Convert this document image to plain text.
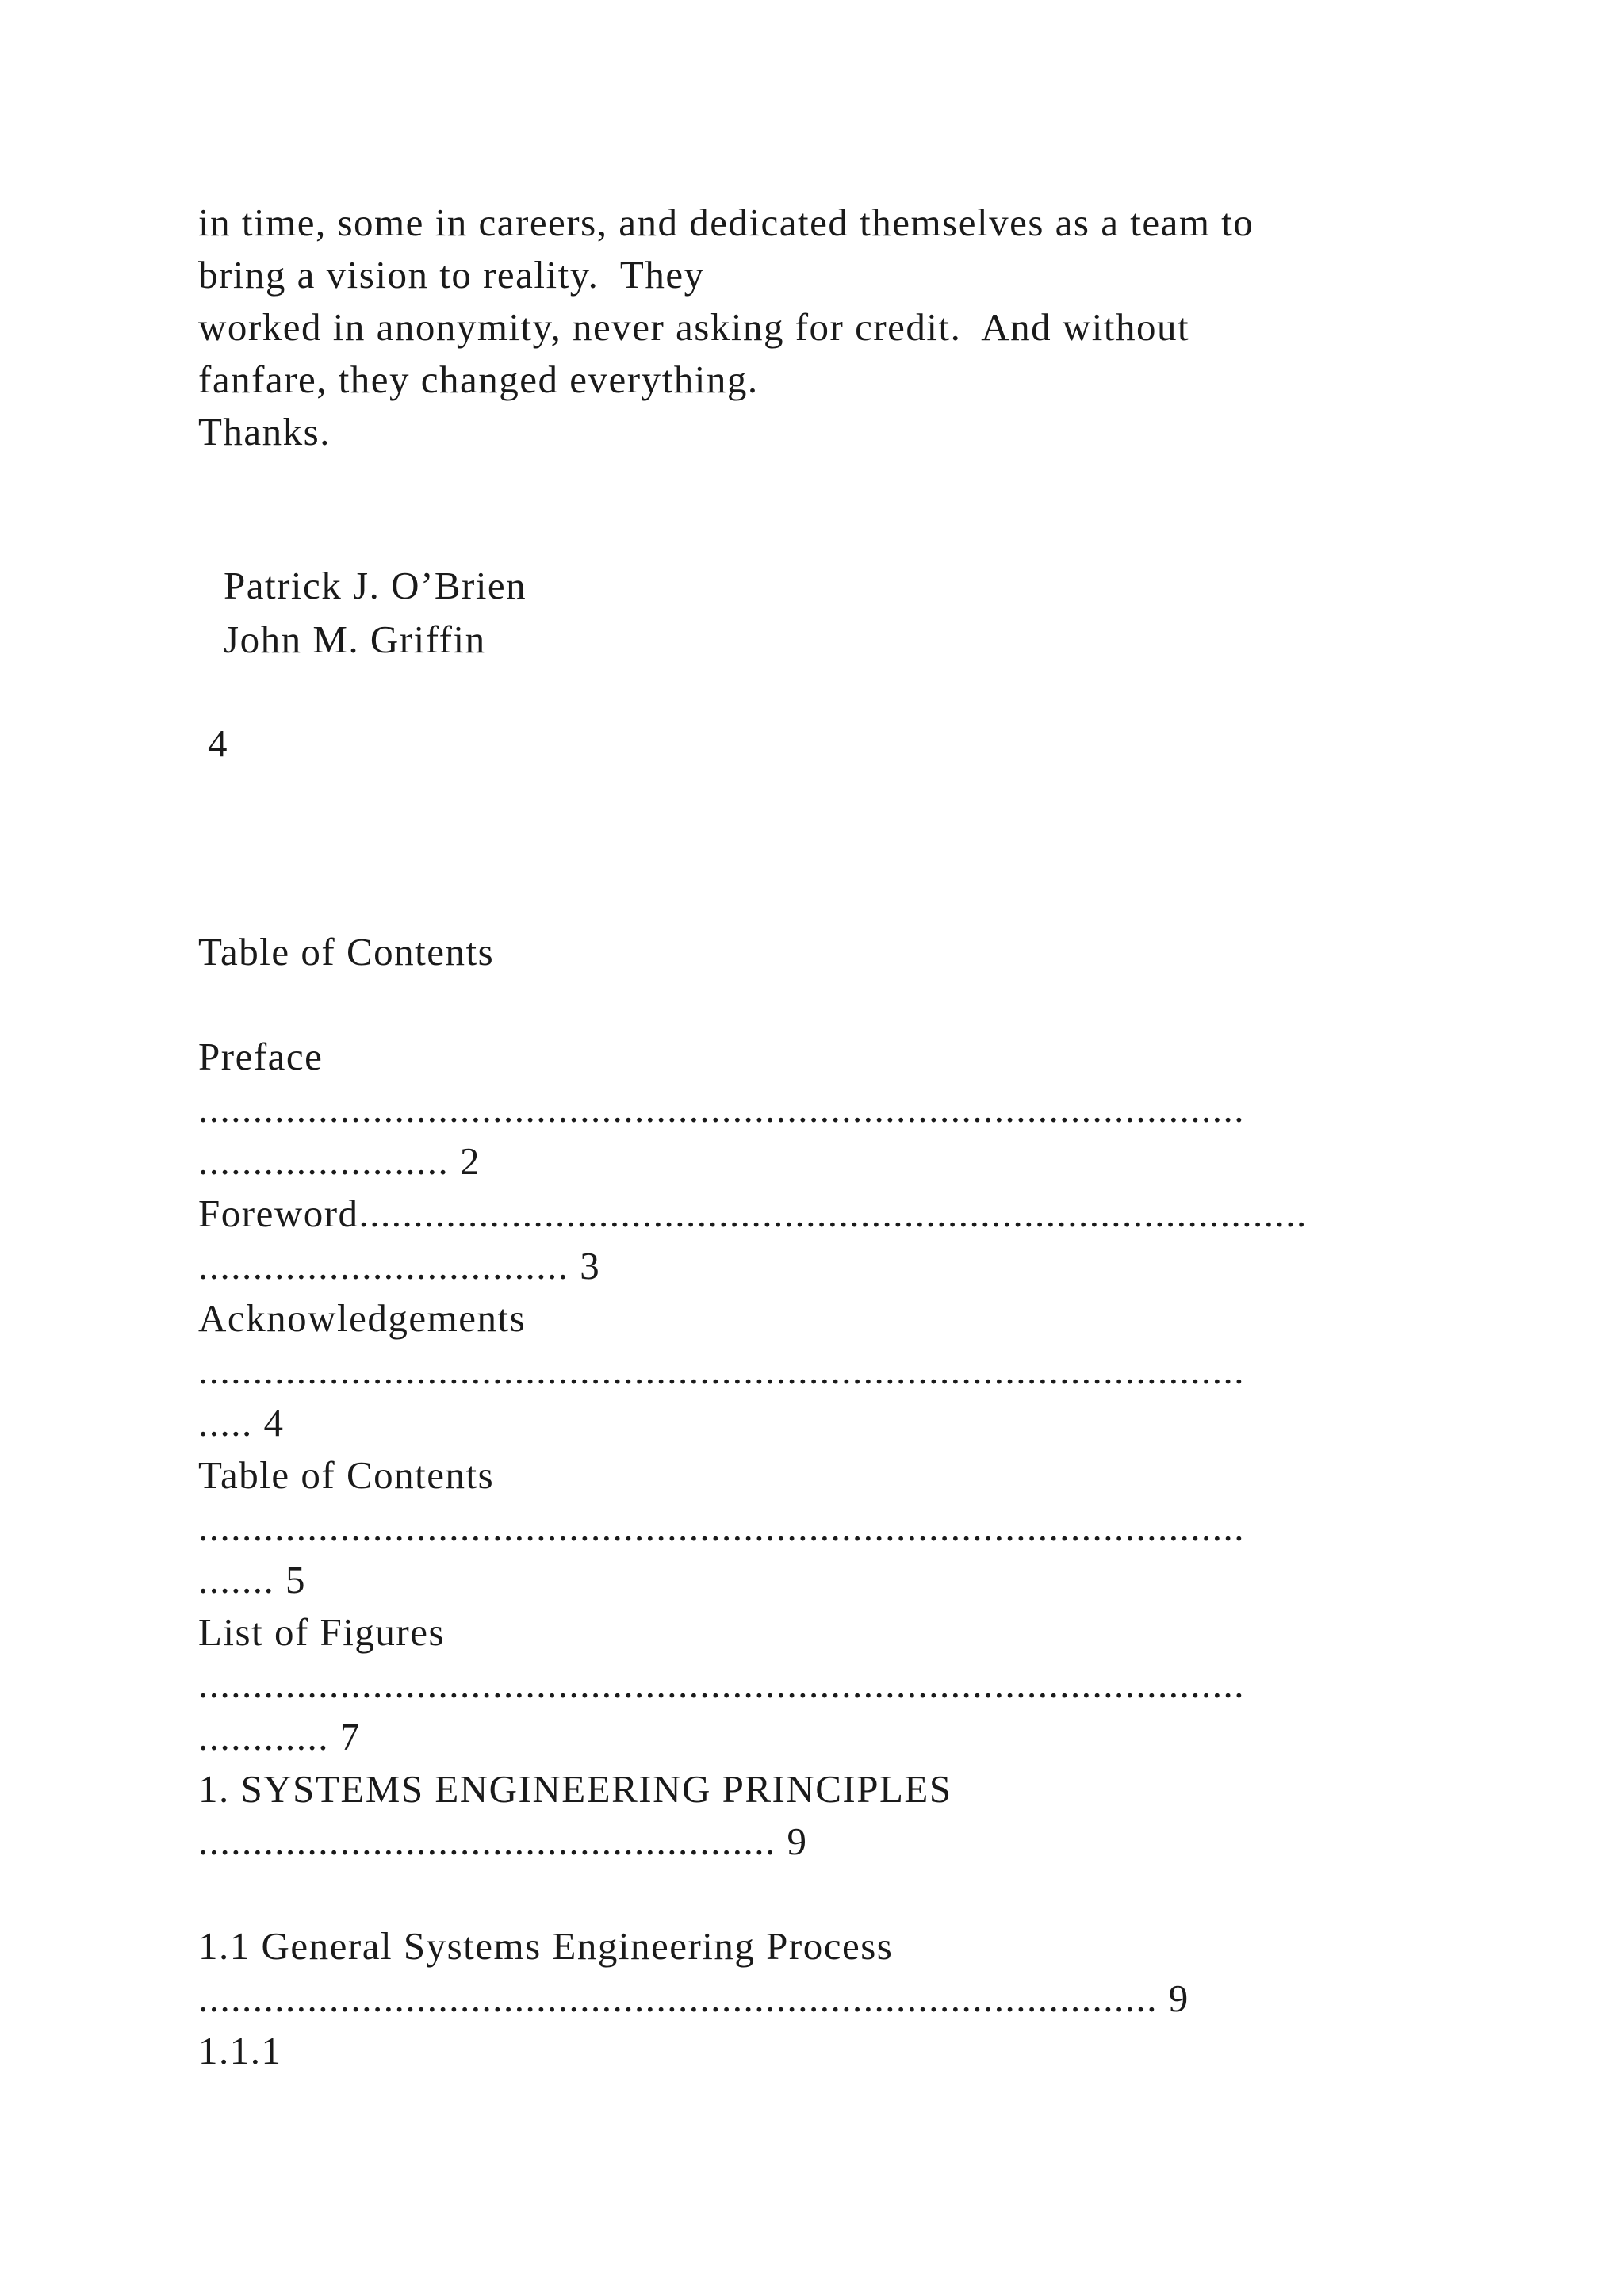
in time, some in careers, and dedicated themselves as a team to

bring a vision to reality.  They

worked in anonymity, never asking for credit.  And without

fanfare, they changed everything.

Thanks.

Patrick J. O’Brien

John M. Griffin

4

Table of Contents

Preface

................................................................................................

....................... 2

Foreword.......................................................................................

.................................. 3

Acknowledgements

................................................................................................

..... 4

Table of Contents

................................................................................................

....... 5

List of Figures

................................................................................................

............ 7

1. SYSTEMS ENGINEERING PRINCIPLES

..................................................... 9

1.1 General Systems Engineering Process

........................................................................................ 9

1.1.1
